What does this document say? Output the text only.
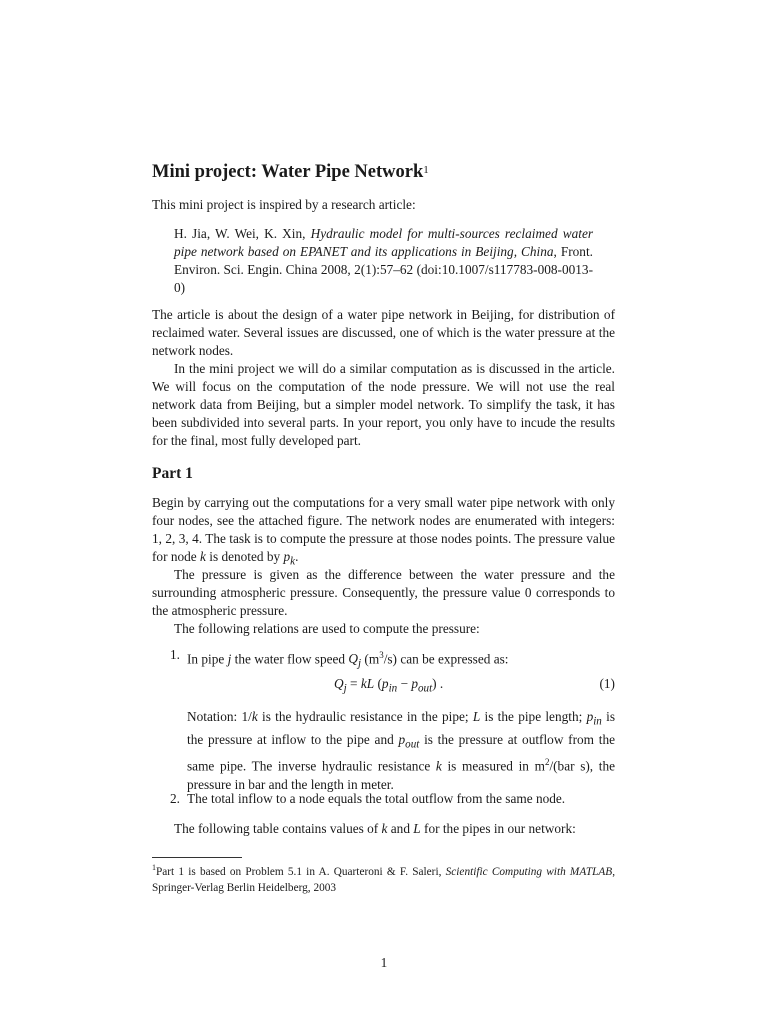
Mini project: Water Pipe Network$^1$
This mini project is inspired by a research article:
H. Jia, W. Wei, K. Xin, Hydraulic model for multi-sources reclaimed water pipe network based on EPANET and its applications in Beijing, China, Front. Environ. Sci. Engin. China 2008, 2(1):57–62 (doi:10.1007/s117783-008-0013-0)
The article is about the design of a water pipe network in Beijing, for distribution of reclaimed water. Several issues are discussed, one of which is the water pressure at the network nodes.
In the mini project we will do a similar computation as is discussed in the article. We will focus on the computation of the node pressure. We will not use the real network data from Beijing, but a simpler model network. To simplify the task, it has been subdivided into several parts. In your report, you only have to incude the results for the final, most fully developed part.
Part 1
Begin by carrying out the computations for a very small water pipe network with only four nodes, see the attached figure. The network nodes are enumerated with integers: 1, 2, 3, 4. The task is to compute the pressure at those nodes points. The pressure value for node k is denoted by $p_k$.
The pressure is given as the difference between the water pressure and the surrounding atmospheric pressure. Consequently, the pressure value 0 corresponds to the atmospheric pressure.
The following relations are used to compute the pressure:
1. In pipe j the water flow speed $Q_j$ $(m^3/s)$ can be expressed as:
$Q_j$ = kL $(p_{in} - p_{out})$ .	(1)
Notation: 1/k is the hydraulic resistance in the pipe; L is the pipe length; $p_{in}$ is the pressure at inflow to the pipe and $p_{out}$ is the pressure at outflow from the same pipe. The inverse hydraulic resistance k is measured in $m^2/(bar$ s), the pressure in bar and the length in meter.
2. The total inflow to a node equals the total outflow from the same node.
The following table contains values of k and L for the pipes in our network:
$^1$Part 1 is based on Problem 5.1 in A. Quarteroni & F. Saleri, Scientific Computing with MATLAB, Springer-Verlag Berlin Heidelberg, 2003
1
